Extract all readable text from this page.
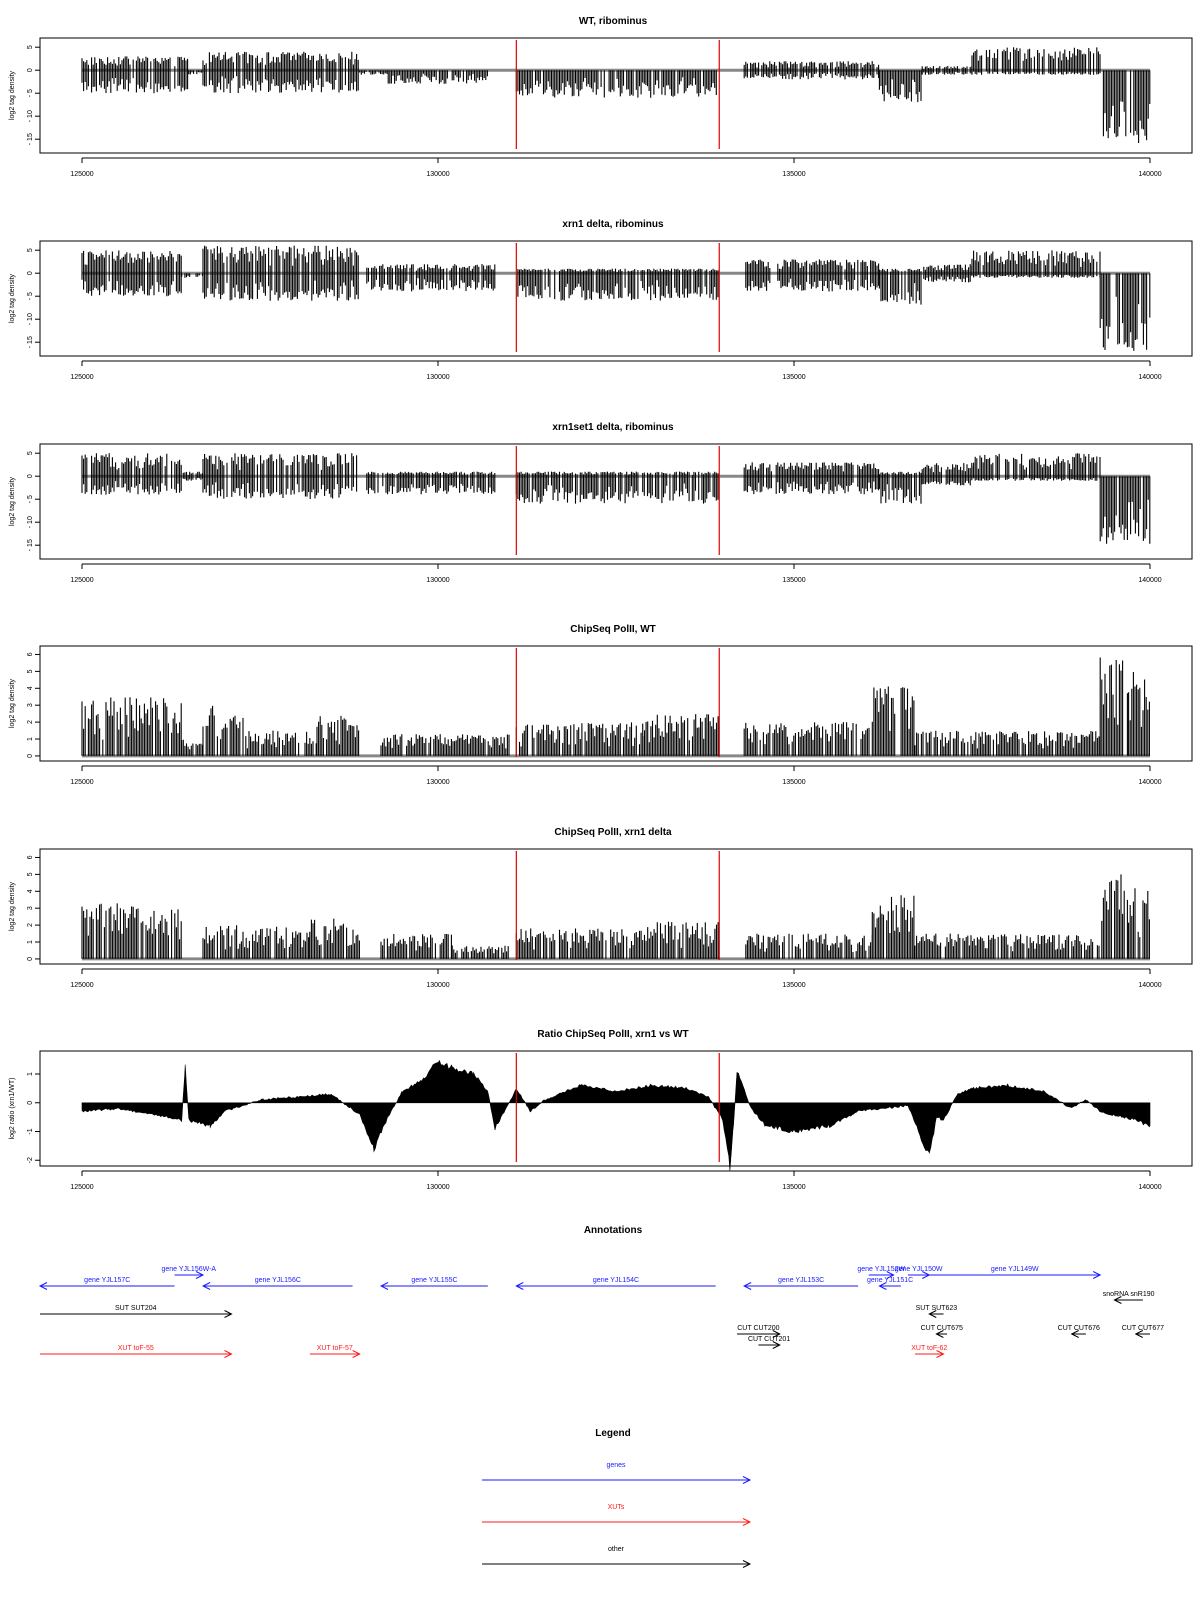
WT, ribominus
5
0
- 5
- 10
- 15
log2 tag density
125000	130000	135000	140000
xrn1 delta, ribominus
5
0
- 5
- 10
- 15
log2 tag density
125000	130000	135000	140000
xrn1set1 delta, ribominus
5
0
- 5
- 10
- 15
log2 tag density
125000	130000	135000	140000
ChipSeq PolII, WT
0
1
2
3
4
5
6
log2 tag density
125000	130000	135000	140000
ChipSeq PolII, xrn1 delta
0
1
2
3
4
5
6
log2 tag density
125000	130000	135000	140000
Ratio ChipSeq PolII, xrn1 vs WT
1
0
-1
-2
log2 ratio (xrn1/WT)
125000	130000	135000	140000
Annotations
gene YJL157C
gene YJL156W-A
gene YJL156C	gene YJL155C	gene YJL154C	gene YJL153C
gene YJL152W
gene YJL151C
gene YJL150W	gene YJL149W
snoRNA snR190
SUT SUT204	SUT SUT623
CUT CUT200
CUT CUT201
CUT CUT675	CUT CUT676	CUT CUT677
XUT toF-55	XUT toF-57	XUT toF-62
Legend
genes
XUTs
other
